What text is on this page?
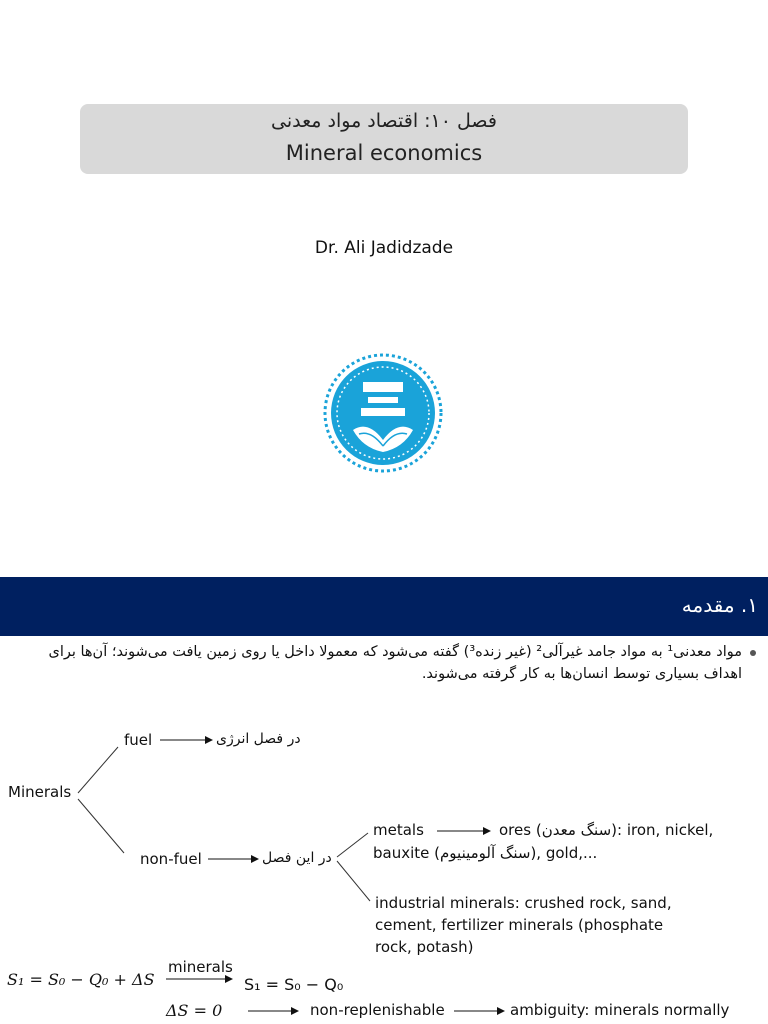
فصل ۱۰: اقتصاد مواد معدنی
Mineral economics
Dr. Ali Jadidzade
۱. مقدمه
مواد معدنی¹ به مواد جامد غیرآلی² (غیر زنده³) گفته می‌شود که معمولا داخل یا روی زمین یافت می‌شوند؛ آن‌ها برای اهداف بسیاری توسط انسان‌ها به کار گرفته می‌شوند.
Minerals
fuel	در فصل انرژی
non-fuel	در این فصل
metals	ores (سنگ معدن): iron, nickel,
bauxite (سنگ آلومینیوم), gold,...
industrial minerals: crushed rock, sand,
cement, fertilizer minerals (phosphate
rock, potash)
S₁ = S₀ − Q₀ + ΔS
minerals
S₁ = S₀ − Q₀
ΔS = 0	non-replenishable	ambiguity: minerals normally
